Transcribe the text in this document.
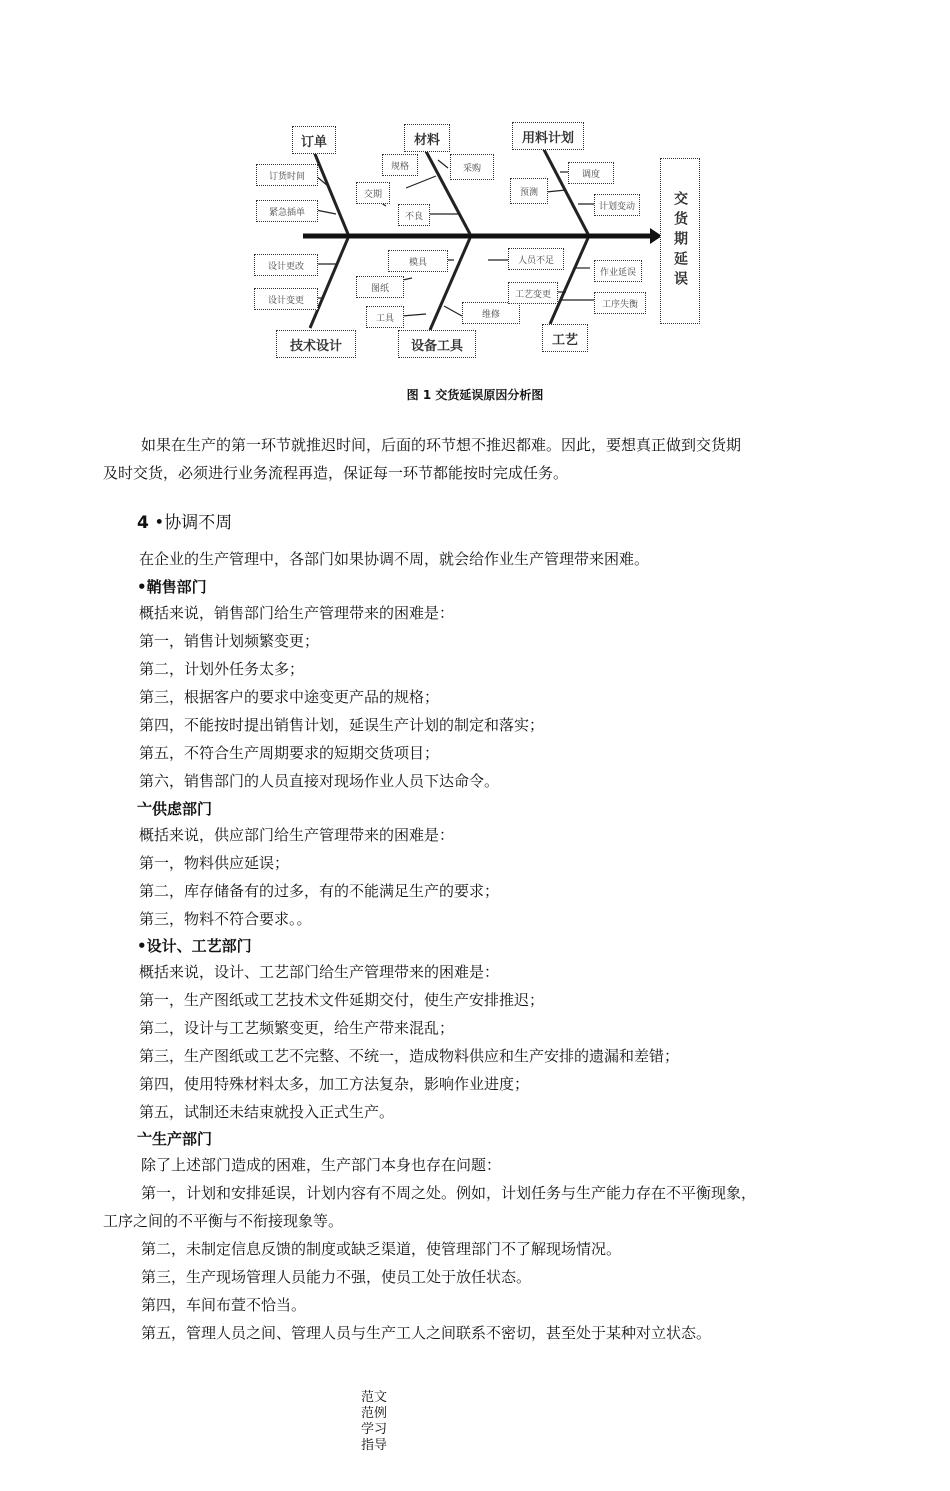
订单	材料	用料计划
技术设计	设备工具	工艺
交货期延误
订货时间
紧急插单
交期
规格	采购
不良
预测
调度
计划变动
设计更改
设计变更
图纸
模具
工具	维修
人员不足
工艺变更
作业延误
工序失衡
图 1 交货延误原因分析图
如果在生产的第一环节就推迟时间，后面的环节想不推迟都难。因此，要想真正做到交货期
及时交货，必须进行业务流程再造，保证每一环节都能按时完成任务。
4 •协调不周
在企业的生产管理中，各部门如果协调不周，就会给作业生产管理带来困难。
•鞘售部门
概括来说，销售部门给生产管理带来的困难是：
第一，销售计划频繁变更；
第二，计划外任务太多；
第三，根据客户的要求中途变更产品的规格；
第四，不能按时提出销售计划，延误生产计划的制定和落实；
第五，不符合生产周期要求的短期交货项目；
第六，销售部门的人员直接对现场作业人员下达命令。
亠供虑部门
概括来说，供应部门给生产管理带来的困难是：
第一，物料供应延误；
第二，库存储备有的过多，有的不能满足生产的要求；
第三，物料不符合要求。。
•设计、工艺部门
概括来说，设计、工艺部门给生产管理带来的困难是：
第一，生产图纸或工艺技术文件延期交付，使生产安排推迟；
第二，设计与工艺频繁变更，给生产带来混乱；
第三，生产图纸或工艺不完整、不统一，造成物料供应和生产安排的遗漏和差错；
第四，使用特殊材料太多，加工方法复杂，影响作业进度；
第五，试制还未结束就投入正式生产。
亠生产部门
除了上述部门造成的困难，生产部门本身也存在问题：
第一，计划和安排延误，计划内容有不周之处。例如，计划任务与生产能力存在不平衡现象，
工序之间的不平衡与不衔接现象等。
第二，未制定信息反馈的制度或缺乏渠道，使管理部门不了解现场情况。
第三，生产现场管理人员能力不强，使员工处于放任状态。
第四，车间布萱不恰当。
第五，管理人员之间、管理人员与生产工人之间联系不密切，甚至处于某种对立状态。
范文
范例
学习
指导
